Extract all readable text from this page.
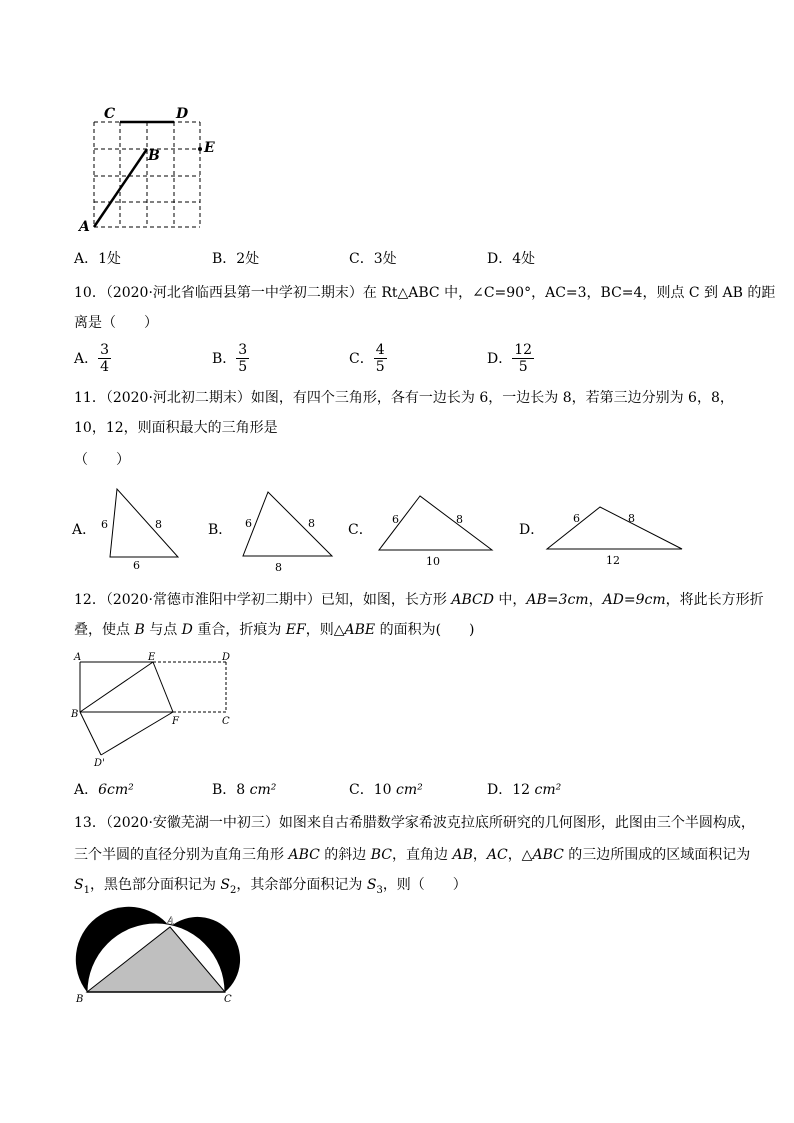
C	D
B	E
A
A．1处	B．2处	C．3处	D．4处
10．（2020·河北省临西县第一中学初二期末）在 Rt△ABC 中，∠C=90°，AC=3，BC=4，则点 C 到 AB 的距
离是（　　）
A． $\frac{3}{4}$	B． $\frac{3}{5}$	C． $\frac{4}{5}$	D． $\frac{12}{5}$
11．（2020·河北初二期末）如图，有四个三角形，各有一边长为 6，一边长为 8，若第三边分别为 6，8，
10，12，则面积最大的三角形是
（　　）
A．	B．	C．	D．
6	8
6
6	8
8
6	8
10
6	8
12
12．（2020·常德市淮阳中学初二期中）已知，如图，长方形 ABCD 中，AB=3cm，AD=9cm，将此长方形折
叠，使点 B 与点 D 重合，折痕为 EF，则△ABE 的面积为(　　)
A	E	D
B
F	C
D'
A．6cm²	B．8 cm²	C．10 cm²	D．12 cm²
13．（2020·安徽芜湖一中初三）如图来自古希腊数学家希波克拉底所研究的几何图形，此图由三个半圆构成，
三个半圆的直径分别为直角三角形 ABC 的斜边 BC，直角边 AB，AC，△ABC 的三边所围成的区域面积记为
$S_1$，黑色部分面积记为 $S_2$，其余部分面积记为 $S_3$，则（　　）
A
B	C
